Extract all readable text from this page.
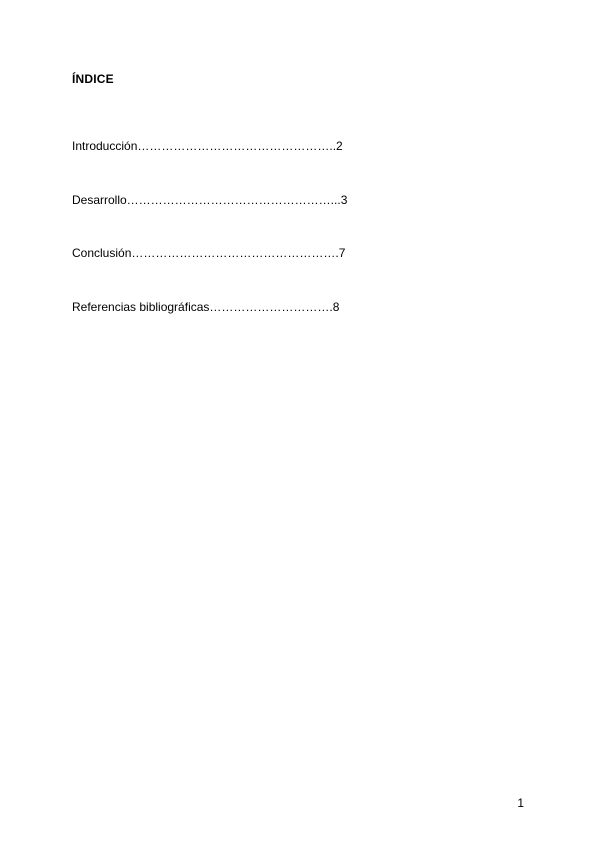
ÍNDICE
Introducción…………………………………………..2
Desarrollo……………………………………………...3
Conclusión…………………………………………….7
Referencias bibliográficas………………………….8
1
